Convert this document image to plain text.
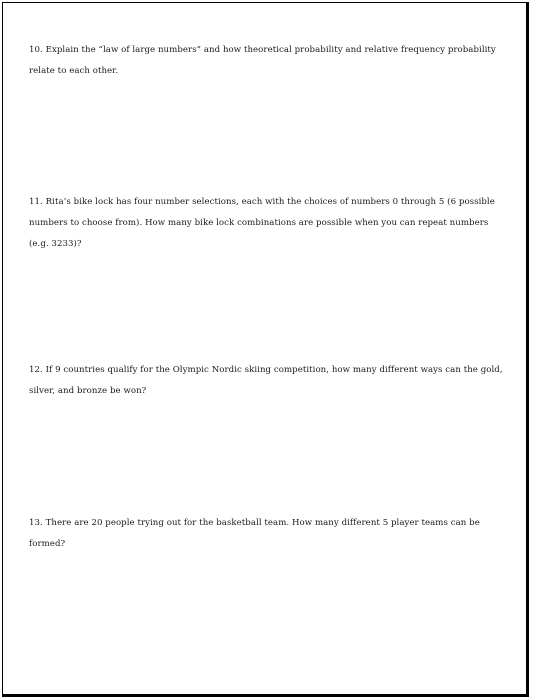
10. Explain the “law of large numbers” and how theoretical probability and relative frequency probability relate to each other.

11. Rita’s bike lock has four number selections, each with the choices of numbers 0 through 5 (6 possible numbers to choose from). How many bike lock combinations are possible when you can repeat numbers (e.g. 3233)?

12. If 9 countries qualify for the Olympic Nordic skiing competition, how many different ways can the gold, silver, and bronze be won?

13. There are 20 people trying out for the basketball team. How many different 5 player teams can be formed?
